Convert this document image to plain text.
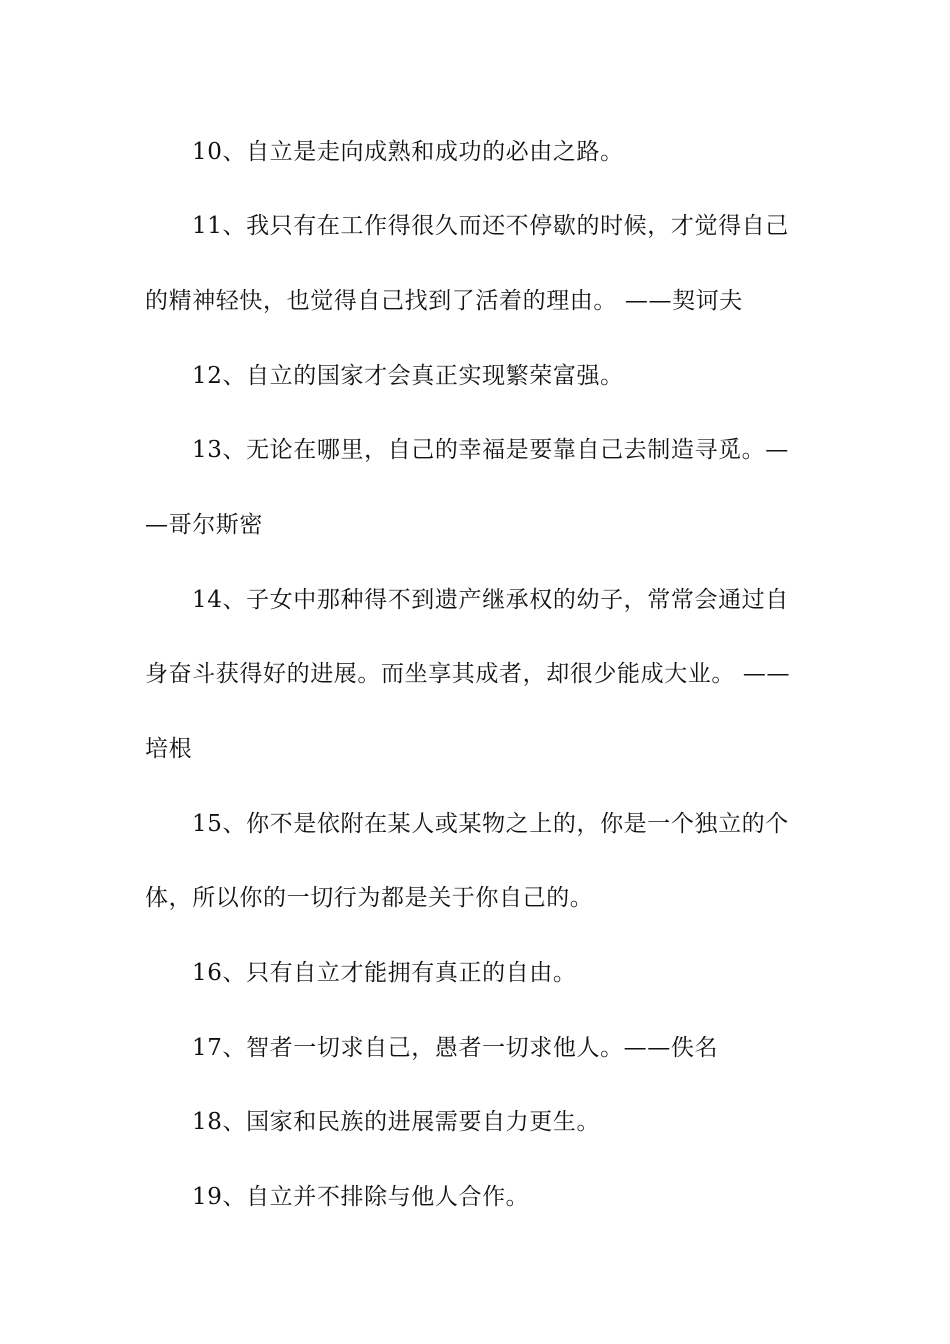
10、自立是走向成熟和成功的必由之路。
11、我只有在工作得很久而还不停歇的时候，才觉得自己
的精神轻快，也觉得自己找到了活着的理由。 ——契诃夫
12、自立的国家才会真正实现繁荣富强。
13、无论在哪里，自己的幸福是要靠自己去制造寻觅。—
—哥尔斯密
14、子女中那种得不到遗产继承权的幼子，常常会通过自
身奋斗获得好的进展。而坐享其成者，却很少能成大业。 ——
培根
15、你不是依附在某人或某物之上的，你是一个独立的个
体，所以你的一切行为都是关于你自己的。
16、只有自立才能拥有真正的自由。
17、智者一切求自己，愚者一切求他人。——佚名
18、国家和民族的进展需要自力更生。
19、自立并不排除与他人合作。
